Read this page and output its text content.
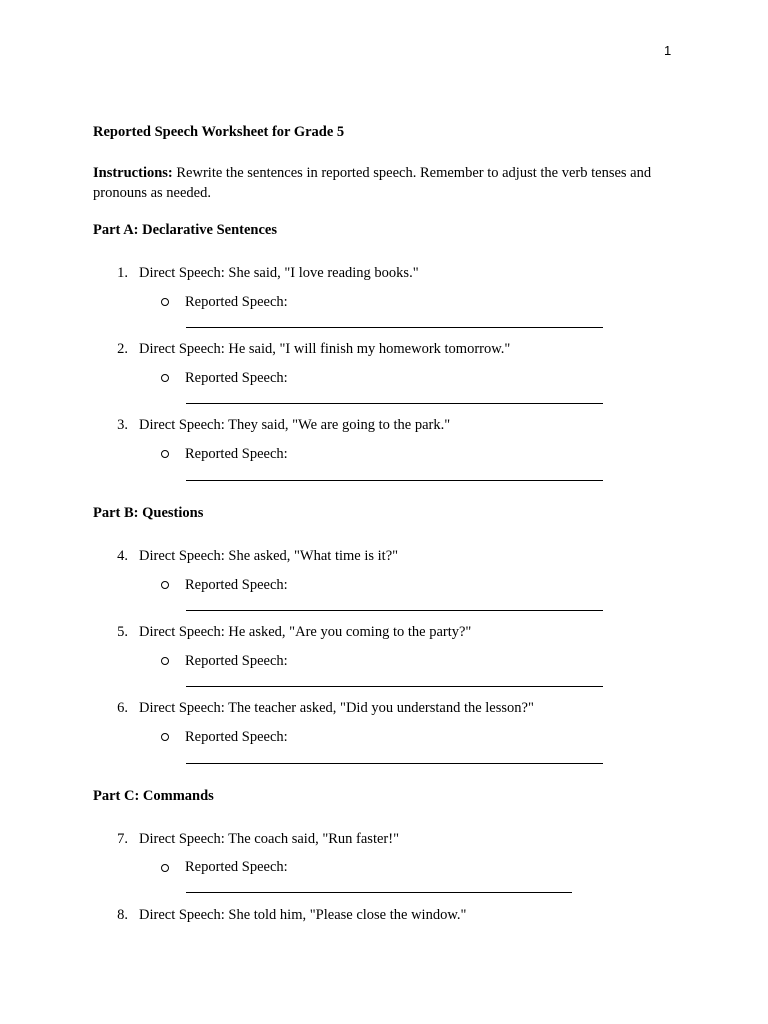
1
Reported Speech Worksheet for Grade 5
Instructions: Rewrite the sentences in reported speech. Remember to adjust the verb tenses and pronouns as needed.
Part A: Declarative Sentences
1. Direct Speech: She said, "I love reading books."
Reported Speech:
2. Direct Speech: He said, "I will finish my homework tomorrow."
Reported Speech:
3. Direct Speech: They said, "We are going to the park."
Reported Speech:
Part B: Questions
4. Direct Speech: She asked, "What time is it?"
Reported Speech:
5. Direct Speech: He asked, "Are you coming to the party?"
Reported Speech:
6. Direct Speech: The teacher asked, "Did you understand the lesson?"
Reported Speech:
Part C: Commands
7. Direct Speech: The coach said, "Run faster!"
Reported Speech:
8. Direct Speech: She told him, "Please close the window."
